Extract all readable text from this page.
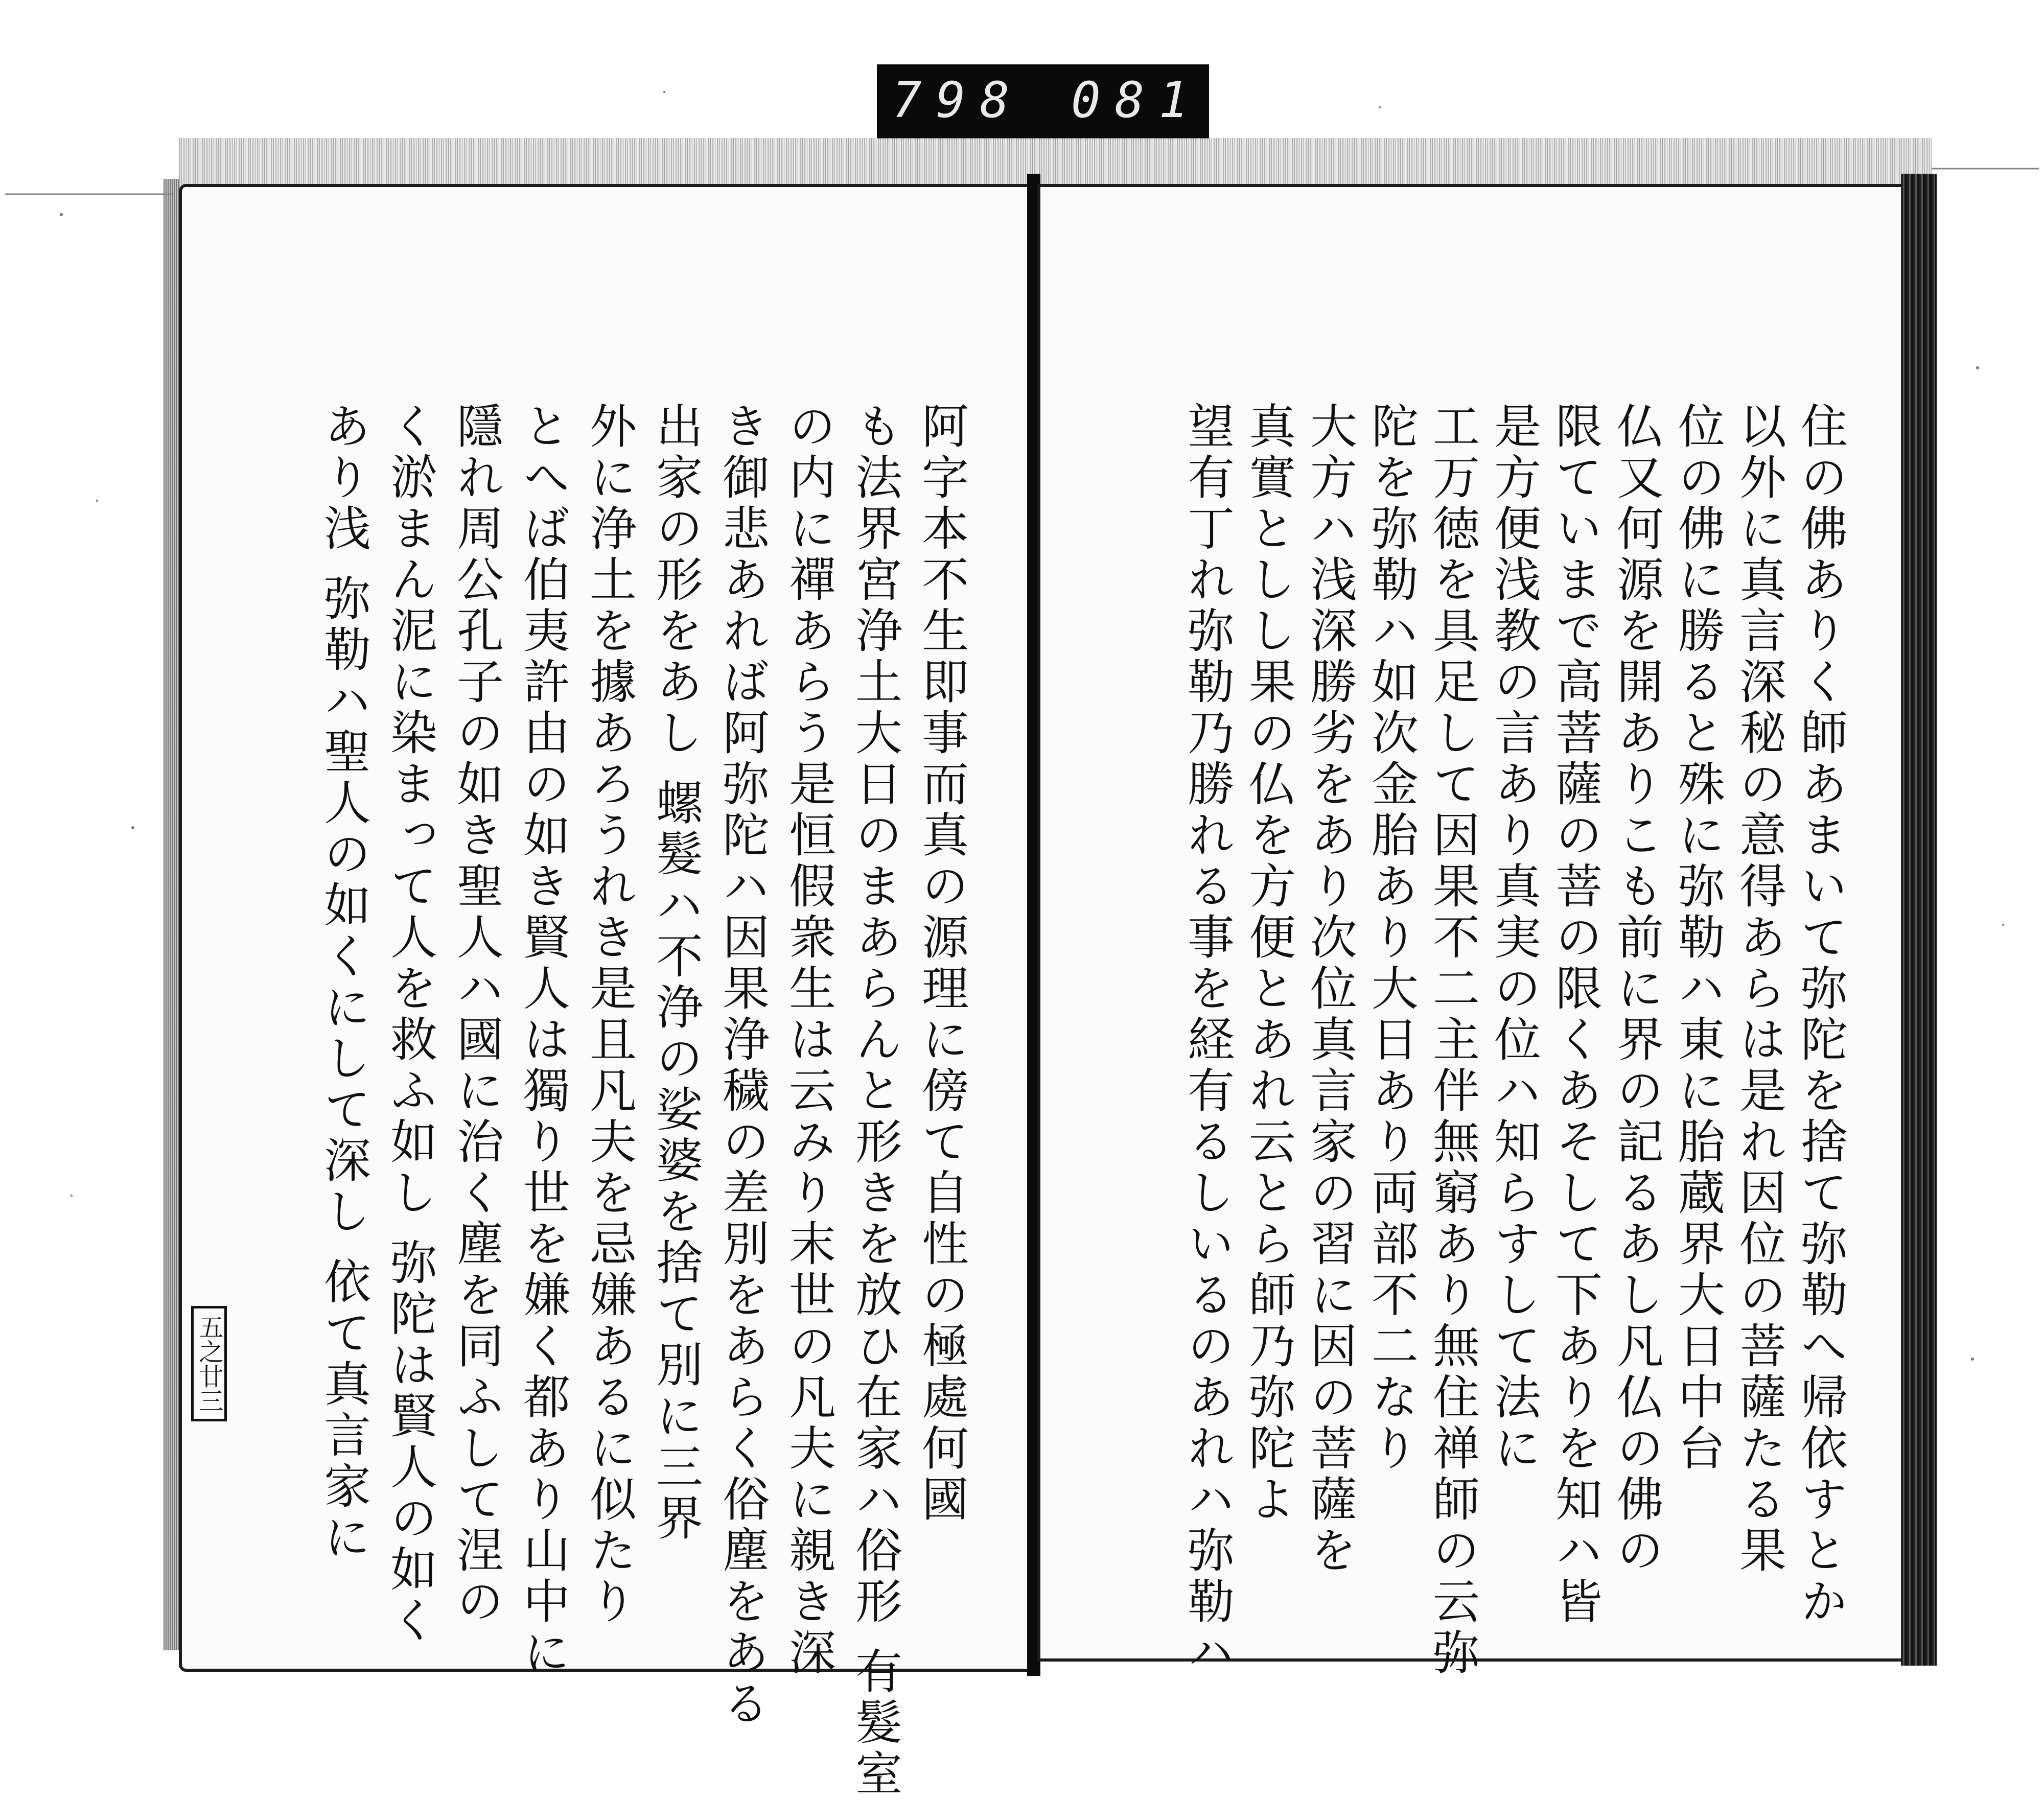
798 081
阿字本不生即事而真の源理に傍て自性の極處何國
も法界宮浄土大日のまあらんと形きを放ひ在家ハ俗形 有髮室
の内に禪あらう是恒假衆生は云みり末世の凡夫に親き深
き御悲あれば阿弥陀ハ因果浄穢の差別をあらく俗塵をある
出家の形をあし 螺髮ハ不浄の娑婆を捨て別に三界
外に浄土を據あろうれき是且凡夫を忌嫌あるに似たり
とへば伯夷許由の如き賢人は獨り世を嫌く都あり山中に
隱れ周公孔子の如き聖人ハ國に治く塵を同ふして涅の
く淤まん泥に染まって人を救ふ如し 弥陀は賢人の如く
あり浅 弥勒ハ聖人の如くにして深し 依て真言家に
五之廿三	住の佛ありく師あまいて弥陀を捨て弥勒へ帰依すとか
以外に真言深秘の意得あらは是れ因位の菩薩たる果
位の佛に勝ると殊に弥勒ハ東に胎蔵界大日中台
仏又何源を開ありこも前に界の記るあし凡仏の佛の
限ていまで高菩薩の菩の限くあそして下ありを知ハ皆
是方便浅教の言あり真実の位ハ知らすして法に
工万徳を具足して因果不二主伴無窮あり無住禅師の云弥
陀を弥勒ハ如次金胎あり大日あり両部不二なり
大方ハ浅深勝劣をあり次位真言家の習に因の菩薩を
真實としし果の仏を方便とあれ云とら師乃弥陀よ
望有丁れ弥勒乃勝れる事を経有るしいるのあれハ弥勒ハ
